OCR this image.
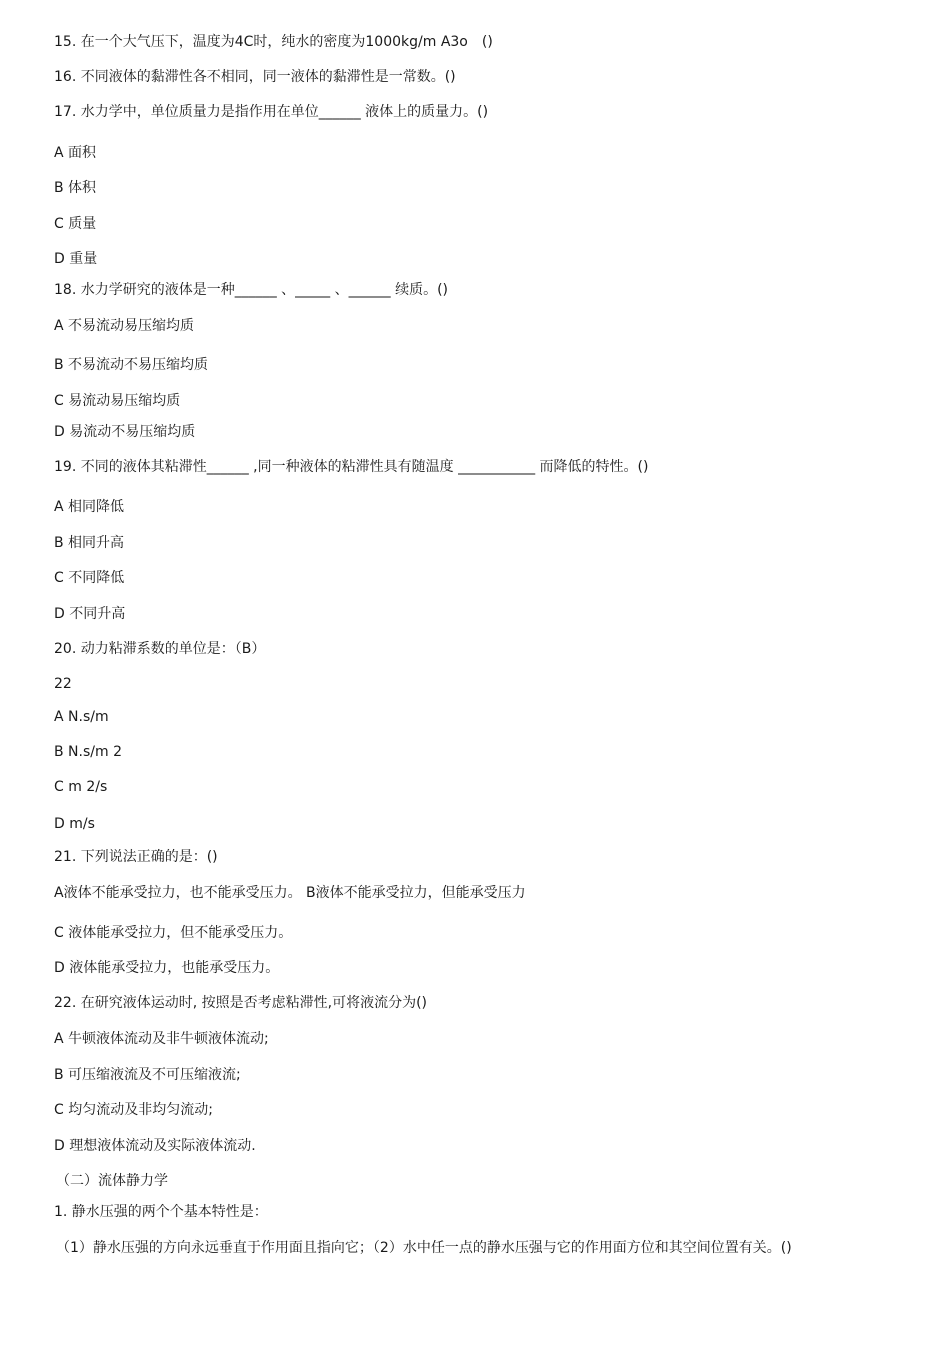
15. 在一个大气压下，温度为4C时，纯水的密度为1000kg/m A3o　()
16. 不同液体的黏滞性各不相同，同一液体的黏滞性是一常数。()
17. 水力学中，单位质量力是指作用在单位______ 液体上的质量力。()
A 面积
B 体积
C 质量
D 重量
18. 水力学研究的液体是一种______ 、_____ 、______ 续质。()
A 不易流动易压缩均质
B 不易流动不易压缩均质
C 易流动易压缩均质
D 易流动不易压缩均质
19. 不同的液体其粘滞性______ ,同一种液体的粘滞性具有随温度 ___________ 而降低的特性。()
A 相同降低
B 相同升高
C 不同降低
D 不同升高
20. 动力粘滞系数的单位是：（B）
22
A N.s/m
B N.s/m 2
C m 2/s
D m/s
21. 下列说法正确的是：()
A液体不能承受拉力，也不能承受压力。 B液体不能承受拉力，但能承受压力
C 液体能承受拉力，但不能承受压力。
D 液体能承受拉力，也能承受压力。
22. 在研究液体运动时, 按照是否考虑粘滞性,可将液流分为()
A 牛顿液体流动及非牛顿液体流动;
B 可压缩液流及不可压缩液流;
C 均匀流动及非均匀流动;
D 理想液体流动及实际液体流动.
（二）流体静力学
1. 静水压强的两个个基本特性是：
（1）静水压强的方向永远垂直于作用面且指向它；（2）水中任一点的静水压强与它的作用面方位和其空间位置有关。()
